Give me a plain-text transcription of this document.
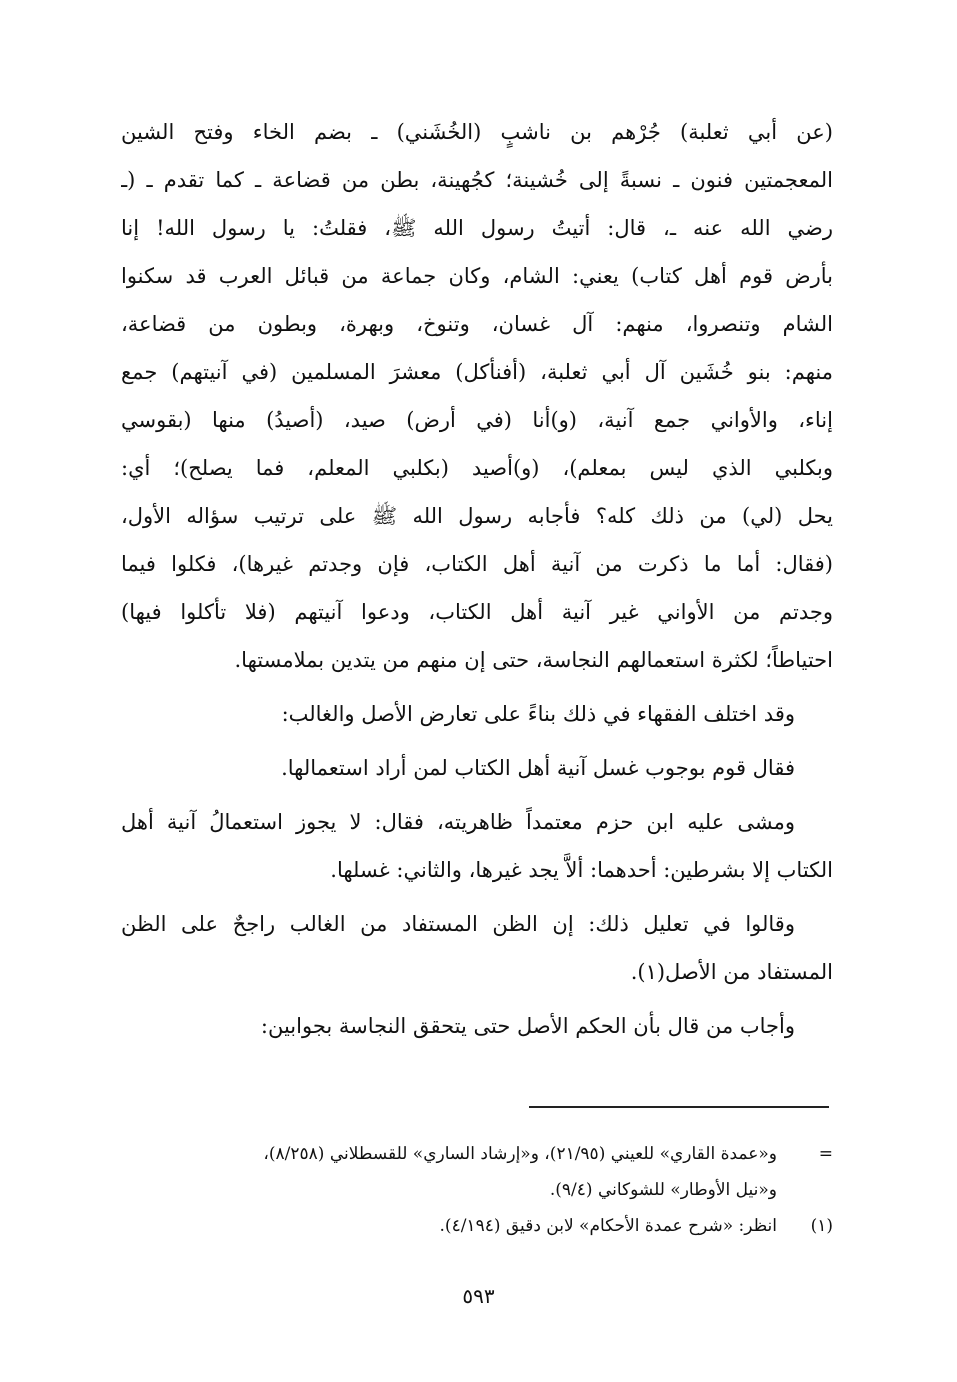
(عن أبي ثعلبة) جُرْهم بن ناشبٍ (الخُشَني) ـ بضم الخاء وفتح الشين
المعجمتين فنون ـ نسبةً إلى خُشينة؛ كجُهينة، بطن من قضاعة ـ كما تقدم ـ (ـ
رضي الله عنه ـ، قال: أتيتُ رسول الله ﷺ، فقلتُ: يا رسول الله! إنا
بأرض قوم أهل كتاب) يعني: الشام، وكان جماعة من قبائل العرب قد سكنوا
الشام وتنصروا، منهم: آل غسان، وتنوخ، وبهرة، وبطون من قضاعة،
منهم: بنو خُشَين آل أبي ثعلبة، (أفنأكل) معشرَ المسلمين (في آنيتهم) جمع
إناء، والأواني جمع آنية، (و)أنا (في أرض) صيد، (أصيدُ) منها (بقوسي
وبكلبي الذي ليس بمعلم)، (و)أصيد (بكلبي المعلم، فما يصلح)؛ أي:
يحل (لي) من ذلك كله؟ فأجابه رسول الله ﷺ على ترتيب سؤاله الأول،
(فقال: أما ما ذكرت من آنية أهل الكتاب، فإن وجدتم غيرها)، فكلوا فيما
وجدتم من الأواني غير آنية أهل الكتاب، ودعوا آنيتهم (فلا تأكلوا فيها)
احتياطاً؛ لكثرة استعمالهم النجاسة، حتى إن منهم من يتدين بملامستها.
وقد اختلف الفقهاء في ذلك بناءً على تعارض الأصل والغالب:
فقال قوم بوجوب غسل آنية أهل الكتاب لمن أراد استعمالها.
ومشى عليه ابن حزم معتمداً ظاهريته، فقال: لا يجوز استعمالُ آنية أهل
الكتاب إلا بشرطين: أحدهما: ألاَّ يجد غيرها، والثاني: غسلها.
وقالوا في تعليل ذلك: إن الظن المستفاد من الغالب راجحٌ على الظن
المستفاد من الأصل(١).
وأجاب من قال بأن الحكم الأصل حتى يتحقق النجاسة بجوابين:
=
و«عمدة القاري» للعيني (٢١/٩٥)، و«إرشاد الساري» للقسطلاني (٨/٢٥٨)،
و«نيل الأوطار» للشوكاني (٩/٤).
(١)
انظر: «شرح عمدة الأحكام» لابن دقيق (٤/١٩٤).
٥٩٣
